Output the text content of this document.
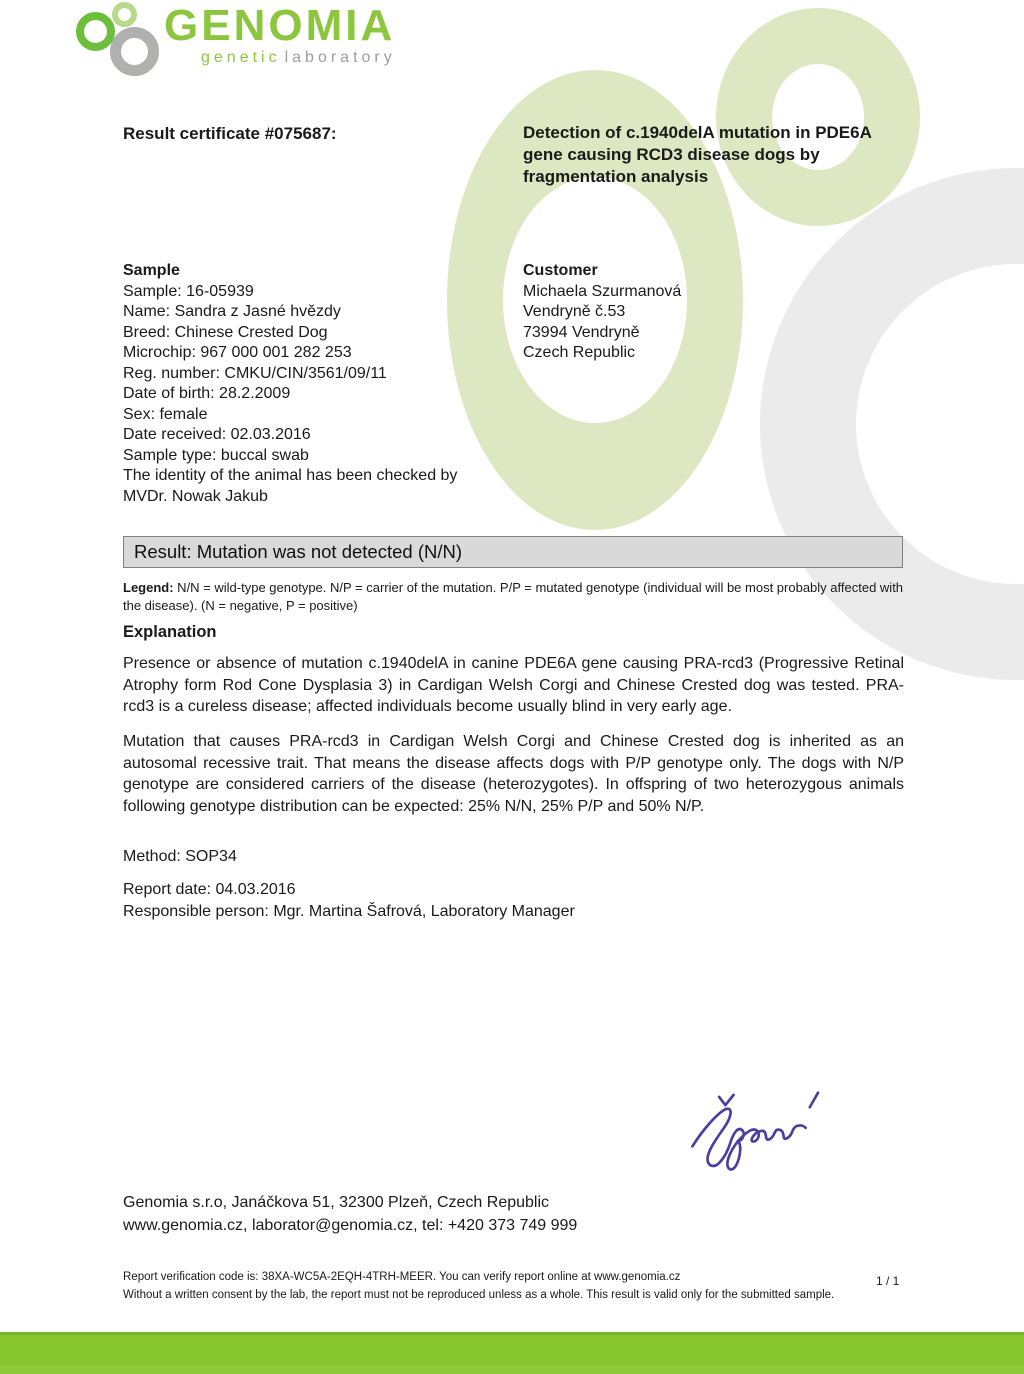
GENOMIA
genetic laboratory
Result certificate #075687:	Detection of c.1940delA mutation in PDE6A gene causing RCD3 disease dogs by fragmentation analysis
Sample
Sample: 16-05939
Name: Sandra z Jasné hvězdy
Breed: Chinese Crested Dog
Microchip: 967 000 001 282 253
Reg. number: CMKU/CIN/3561/09/11
Date of birth: 28.2.2009
Sex: female
Date received: 02.03.2016
Sample type: buccal swab
The identity of the animal has been checked by
MVDr. Nowak Jakub
Customer
Michaela Szurmanová
Vendryně č.53
73994 Vendryně
Czech Republic
Result: Mutation was not detected (N/N)
Legend: N/N = wild-type genotype. N/P = carrier of the mutation. P/P = mutated genotype (individual will be most probably affected with the disease). (N = negative, P = positive)
Explanation

Presence or absence of mutation c.1940delA in canine PDE6A gene causing PRA-rcd3 (Progressive Retinal Atrophy form Rod Cone Dysplasia 3) in Cardigan Welsh Corgi and Chinese Crested dog was tested. PRA-rcd3 is a cureless disease; affected individuals become usually blind in very early age.

Mutation that causes PRA-rcd3 in Cardigan Welsh Corgi and Chinese Crested dog is inherited as an autosomal recessive trait. That means the disease affects dogs with P/P genotype only. The dogs with N/P genotype are considered carriers of the disease (heterozygotes). In offspring of two heterozygous animals following genotype distribution can be expected: 25% N/N, 25% P/P and 50% N/P.

Method: SOP34
Report date: 04.03.2016
Responsible person: Mgr. Martina Šafrová, Laboratory Manager
Genomia s.r.o, Janáčkova 51, 32300 Plzeň, Czech Republic
www.genomia.cz, laborator@genomia.cz, tel: +420 373 749 999
Report verification code is: 38XA-WC5A-2EQH-4TRH-MEER. You can verify report online at www.genomia.cz
Without a written consent by the lab, the report must not be reproduced unless as a whole. This result is valid only for the submitted sample.
1 / 1
